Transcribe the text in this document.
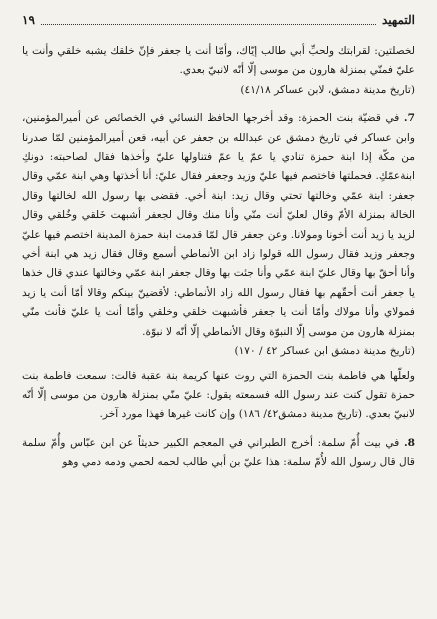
التمهيد
١٩

لخصلتين: لقرابتك ولحبِّ أبي طالب إيّاك، وأمّا أنت يا جعفر فإنّ خلقك يشبه خلقي وأنت يا عليّ فمنّي بمنزلة هارون من موسى إلّا أنّه لانبيّ بعدي.

(تاريخ مدينة دمشق، لابن عساكر ٤١/١٨)

7. في قضيّة بنت الحمزة: وقد أخرجها الحافظ النسائي في الخصائص عن أميرالمؤمنين، وابن عساكر في تاريخ دمشق عن عبدالله بن جعفر عن أبيه، فعن أميرالمؤمنين لمّا صدرنا من مكّة إذا ابنة حمزة تنادي يا عمّ يا عمّ فتناولها عليّ وأخذها فقال لصاحبته: دونكِ ابنةعمّكِ. فحملتها فاختصم فيها عليّ وزيد وجعفر فقال عليّ: أنا أخذتها وهي ابنة عمّي وقال جعفر: ابنة عمّي وخالتها تحتي وقال زيد: ابنة أخي. فقضى بها رسول الله لخالتها وقال الخالة بمنزلة الأمّ وقال لعليّ أنت منّي وأنا منك وقال لجعفر أشبهت خَلقي وخُلقي وقال لزيد يا زيد أنت أخونا ومولانا. وعن جعفر قال لمّا قدمت ابنة حمزة المدينة اختصم فيها عليّ وجعفر وزيد فقال رسول الله قولوا زاد ابن الأنماطي أسمع وقال فقال زيد هي ابنة أخي وأنا أحقّ بها وقال عليّ ابنة عمّي وأنا جئت بها وقال جعفر ابنة عمّي وخالتها عندي قال خذها يا جعفر أنت أحقّهم بها فقال رسول الله زاد الأنماطي: لأقضينّ بينكم وقالا أمّا أنت يا زيد فمولاي وأنا مولاك وأمّا أنت يا جعفر فأشبهت خلقي وخلقي وأمّا أنت يا عليّ فأنت منّي بمنزلة هارون من موسى إلّا النبوّة وقال الأنماطي إلّا أنّه لا نبوّة.

(تاريخ مدينة دمشق ابن عساكر ٤٢ / ١٧٠)

ولعلّها هي فاطمة بنت الحمزة التي روت عنها كريمة بنة عقبة قالت: سمعت فاطمة بنت حمزة تقول كنت عند رسول الله فسمعته يقول: عليّ منّي بمنزلة هارون من موسى إلّا أنّه لانبيّ بعدي. (تاريخ مدينة دمشق٤٢/ ١٨٦) وإن كانت غيرها فهذا مورد آخر.

8. في بيت أُمّ سلمة: أخرج الطبراني في المعجم الكبير حديثاً عن ابن عبّاس وأُمّ سلمة قال قال رسول الله لأُمّ سلمة: هذا عليّ بن أبي طالب لحمه لحمي ودمه دمي وهو
